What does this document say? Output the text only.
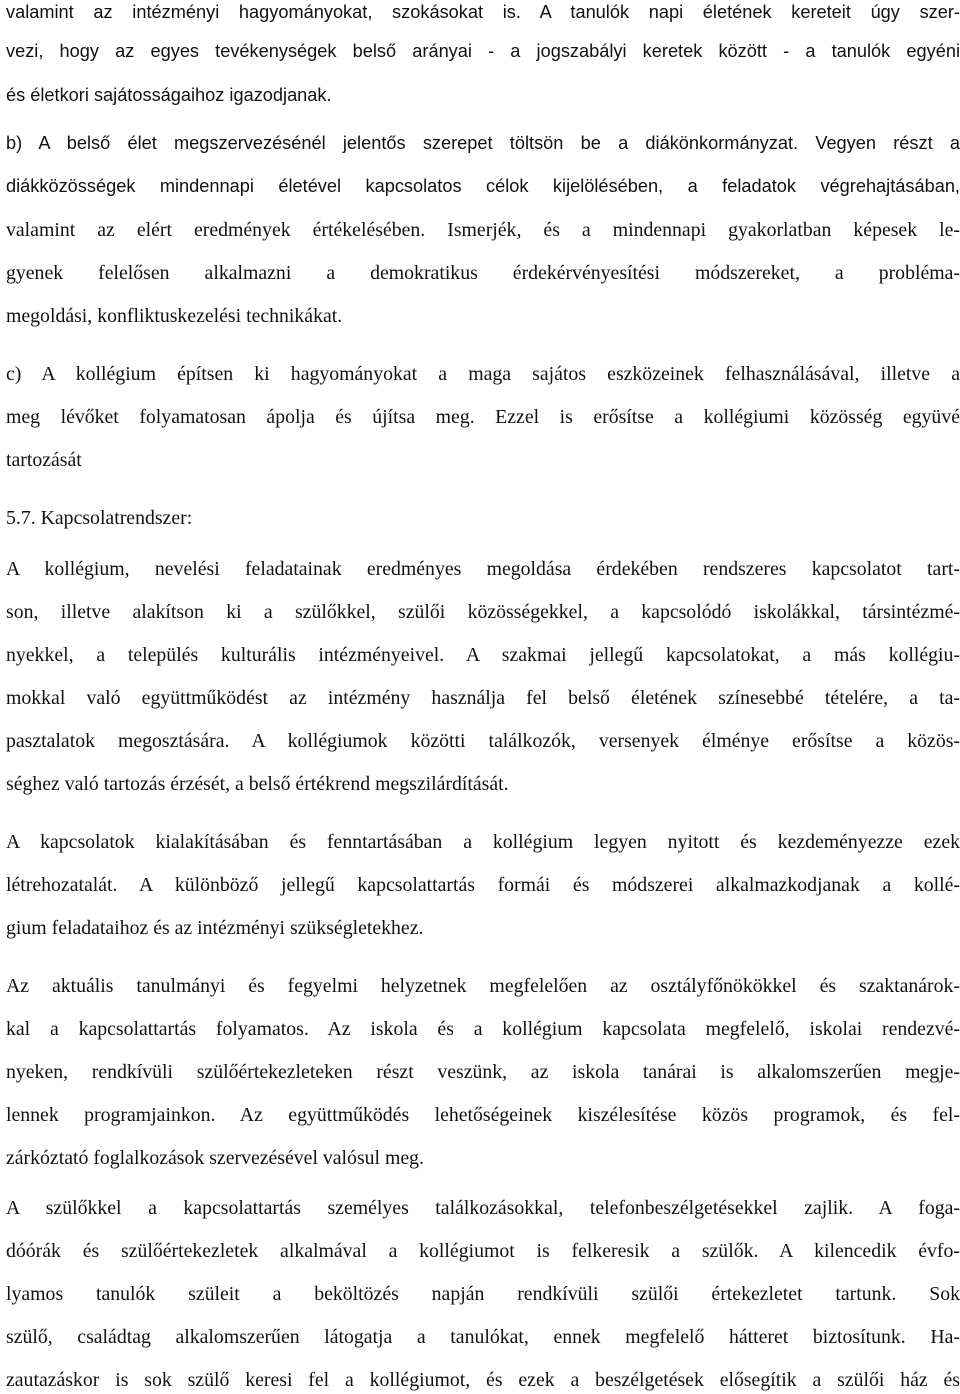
valamint az intézményi hagyományokat, szokásokat is. A tanulók napi életének kereteit úgy szer-
vezi, hogy az egyes tevékenységek belső arányai - a jogszabályi keretek között - a tanulók egyéni
és életkori sajátosságaihoz igazodjanak.
b) A belső élet megszervezésénél jelentős szerepet töltsön be a diákönkormányzat. Vegyen részt a
diákközösségek mindennapi életével kapcsolatos célok kijelölésében, a feladatok végrehajtásában,
valamint az elért eredmények értékelésében. Ismerjék, és a mindennapi gyakorlatban képesek le-
gyenek felelősen alkalmazni a demokratikus érdekérvényesítési módszereket, a probléma-
megoldási, konfliktuskezelési technikákat.
c) A kollégium építsen ki hagyományokat a maga sajátos eszközeinek felhasználásával, illetve a
meg lévőket folyamatosan ápolja és újítsa meg. Ezzel is erősítse a kollégiumi közösség együvé
tartozását
5.7. Kapcsolatrendszer:
A kollégium, nevelési feladatainak eredményes megoldása érdekében rendszeres kapcsolatot tart-
son, illetve alakítson ki a szülőkkel, szülői közösségekkel, a kapcsolódó iskolákkal, társintézmé-
nyekkel, a település kulturális intézményeivel. A szakmai jellegű kapcsolatokat, a más kollégiu-
mokkal való együttműködést az intézmény használja fel belső életének színesebbé tételére, a ta-
pasztalatok megosztására. A kollégiumok közötti találkozók, versenyek élménye erősítse a közös-
séghez való tartozás érzését, a belső értékrend megszilárdítását.
A kapcsolatok kialakításában és fenntartásában a kollégium legyen nyitott és kezdeményezze ezek
létrehozatalát. A különböző jellegű kapcsolattartás formái és módszerei alkalmazkodjanak a kollé-
gium feladataihoz és az intézményi szükségletekhez.
Az aktuális tanulmányi és fegyelmi helyzetnek megfelelően az osztályfőnökökkel és szaktanárok-
kal a kapcsolattartás folyamatos. Az iskola és a kollégium kapcsolata megfelelő, iskolai rendezvé-
nyeken, rendkívüli szülőértekezleteken részt veszünk, az iskola tanárai is alkalomszerűen megje-
lennek programjainkon. Az együttműködés lehetőségeinek kiszélesítése közös programok, és fel-
zárkóztató foglalkozások szervezésével valósul meg.
A szülőkkel a kapcsolattartás személyes találkozásokkal, telefonbeszélgetésekkel zajlik. A foga-
dóórák és szülőértekezletek alkalmával a kollégiumot is felkeresik a szülők. A kilencedik évfo-
lyamos tanulók szüleit a beköltözés napján rendkívüli szülői értekezletet tartunk. Sok
szülő, családtag alkalomszerűen látogatja a tanulókat, ennek megfelelő hátteret biztosítunk. Ha-
zautazáskor is sok szülő keresi fel a kollégiumot, és ezek a beszélgetések elősegítik a szülői ház és
